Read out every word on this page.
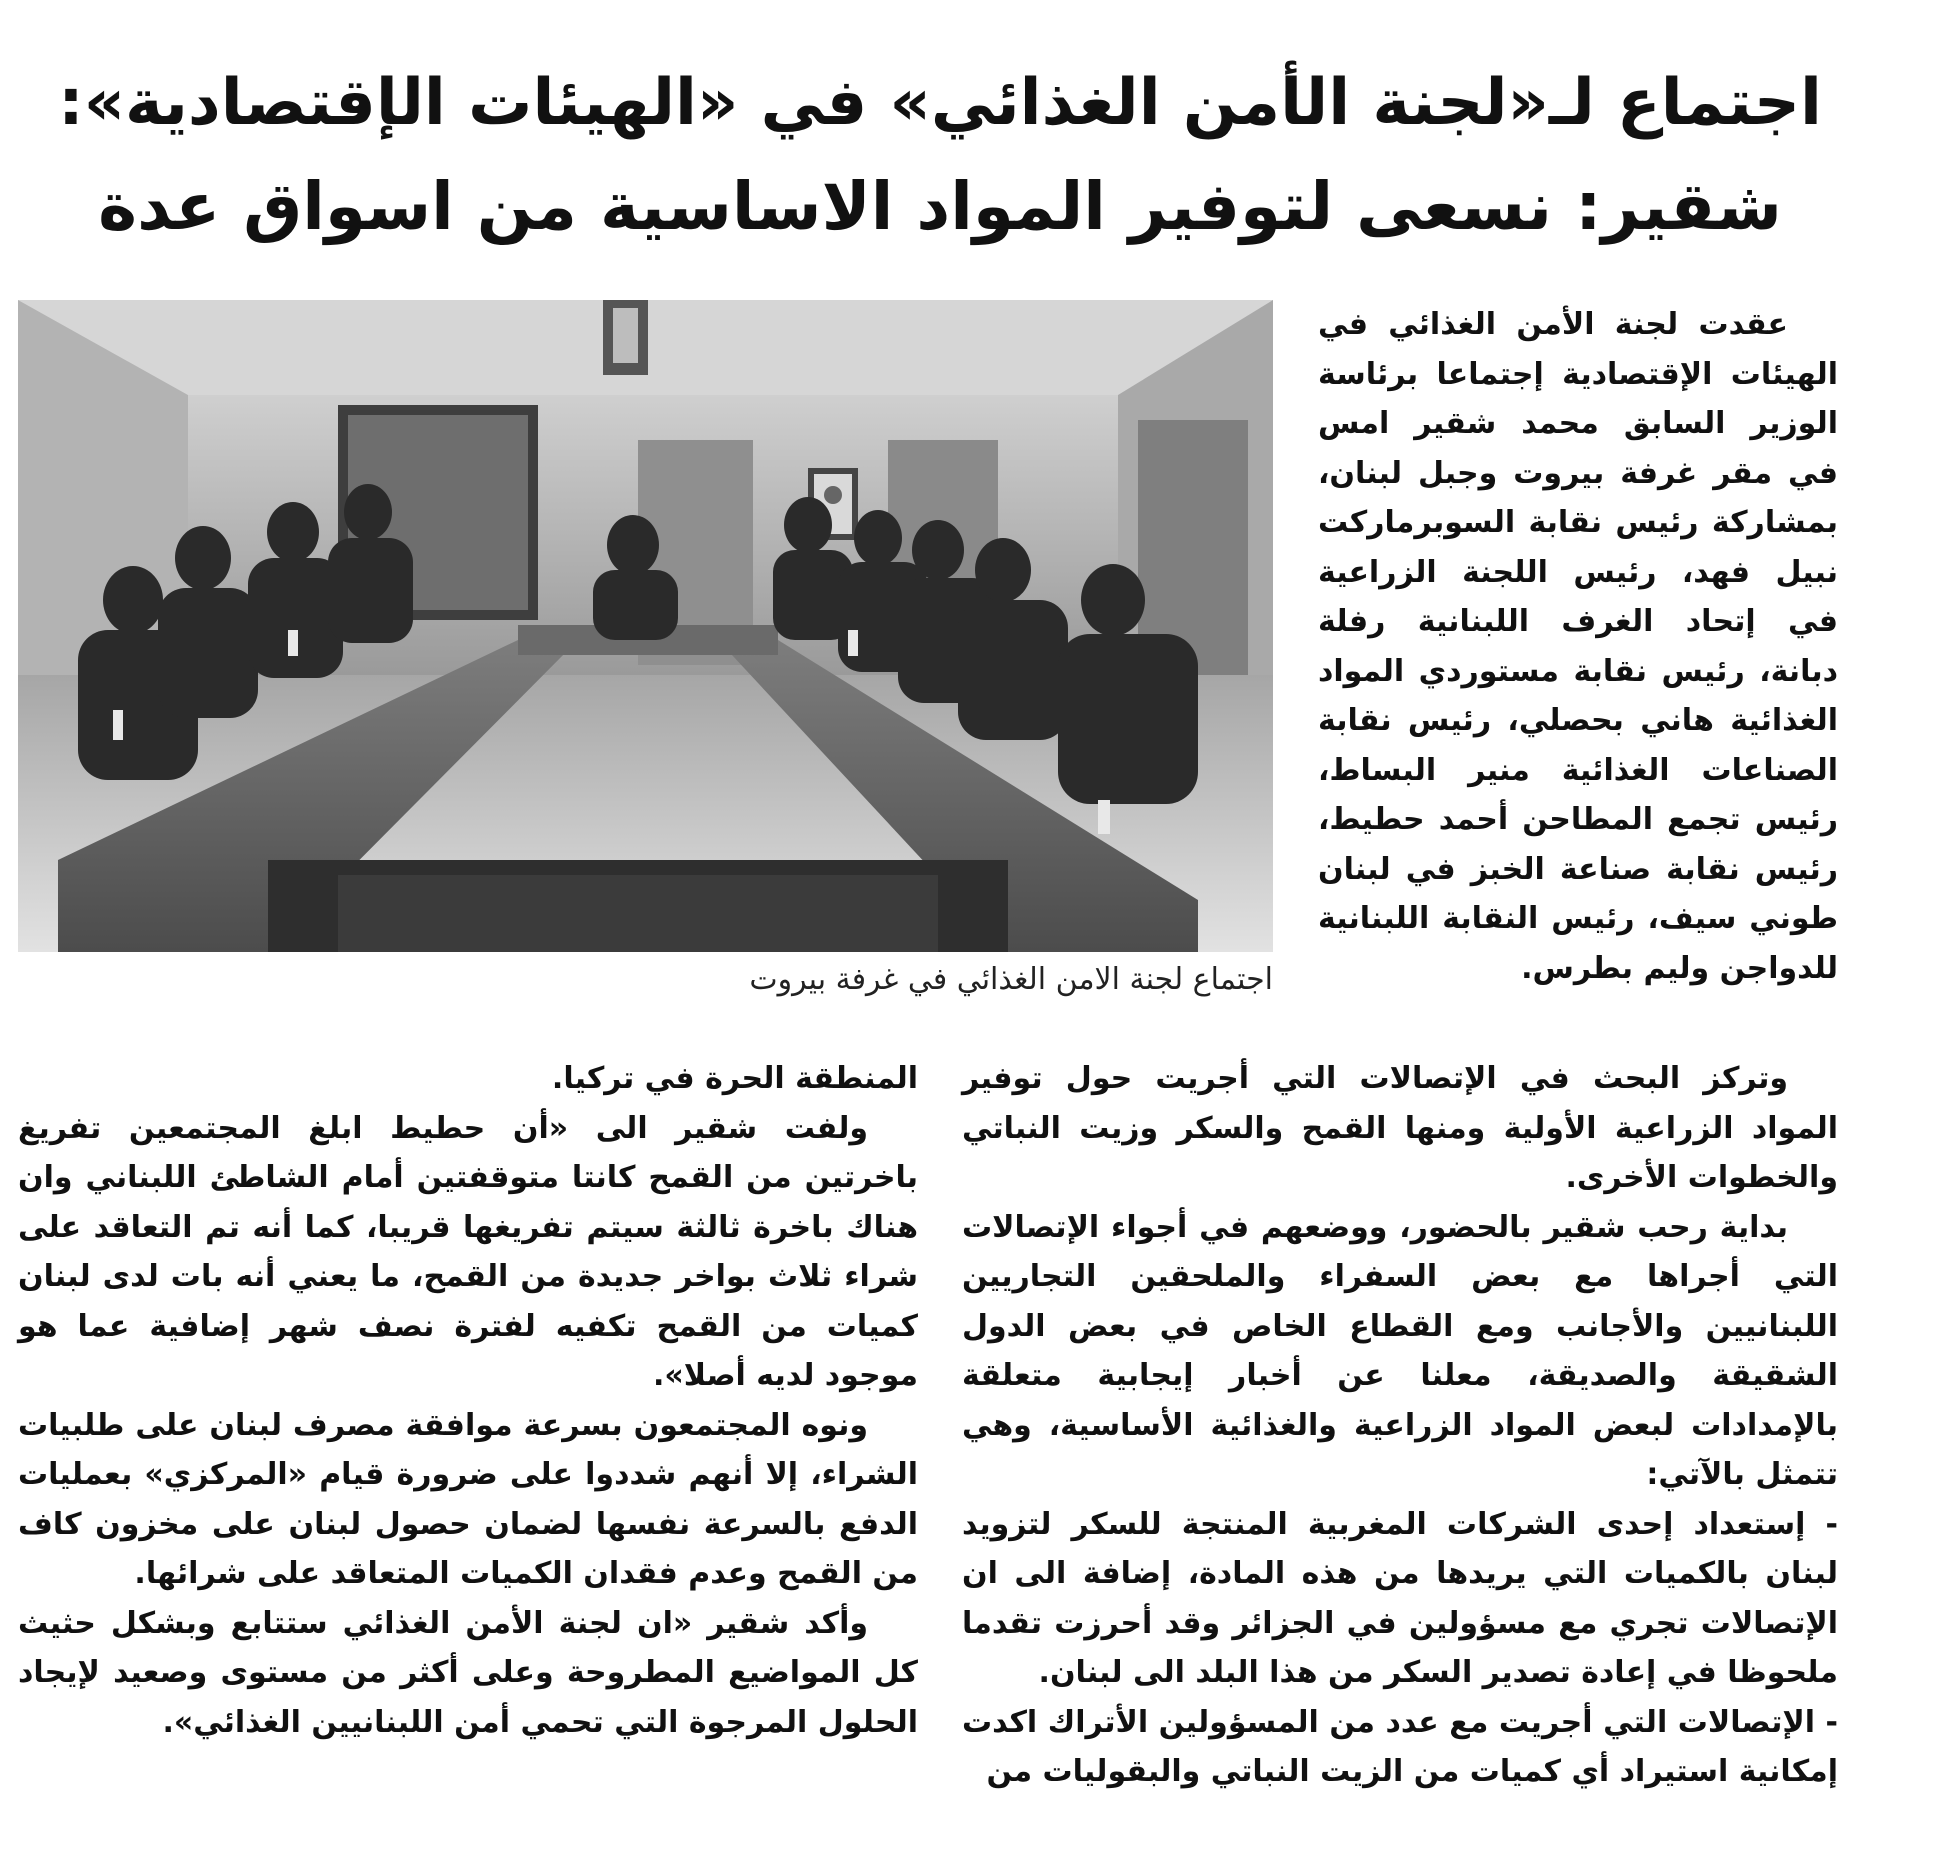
اجتماع لـ«لجنة الأمن الغذائي» في «الهيئات الإقتصادية»:
شقير: نسعى لتوفير المواد الاساسية من اسواق عدة
اجتماع لجنة الامن الغذائي في غرفة بيروت

عقدت لجنة الأمن الغذائي في الهيئات الإقتصادية إجتماعا برئاسة الوزير السابق محمد شقير امس في مقر غرفة بيروت وجبل لبنان، بمشاركة رئيس نقابة السوبرماركت نبيل فهد، رئيس اللجنة الزراعية في إتحاد الغرف اللبنانية رفلة دبانة، رئيس نقابة مستوردي المواد الغذائية هاني بحصلي، رئيس نقابة الصناعات الغذائية منير البساط، رئيس تجمع المطاحن أحمد حطيط، رئيس نقابة صناعة الخبز في لبنان طوني سيف، رئيس النقابة اللبنانية للدواجن وليم بطرس.

وتركز البحث في الإتصالات التي أجريت حول توفير المواد الزراعية الأولية ومنها القمح والسكر وزيت النباتي والخطوات الأخرى.

بداية رحب شقير بالحضور، ووضعهم في أجواء الإتصالات التي أجراها مع بعض السفراء والملحقين التجاريين اللبنانيين والأجانب ومع القطاع الخاص في بعض الدول الشقيقة والصديقة، معلنا عن أخبار إيجابية متعلقة بالإمدادات لبعض المواد الزراعية والغذائية الأساسية، وهي تتمثل بالآتي:

- إستعداد إحدى الشركات المغربية المنتجة للسكر لتزويد لبنان بالكميات التي يريدها من هذه المادة، إضافة الى ان الإتصالات تجري مع مسؤولين في الجزائر وقد أحرزت تقدما ملحوظا في إعادة تصدير السكر من هذا البلد الى لبنان.

- الإتصالات التي أجريت مع عدد من المسؤولين الأتراك اكدت إمكانية استيراد أي كميات من الزيت النباتي والبقوليات من

المنطقة الحرة في تركيا.

ولفت شقير الى «أن حطيط ابلغ المجتمعين تفريغ باخرتين من القمح كانتا متوقفتين أمام الشاطئ اللبناني وان هناك باخرة ثالثة سيتم تفريغها قريبا، كما أنه تم التعاقد على شراء ثلاث بواخر جديدة من القمح، ما يعني أنه بات لدى لبنان كميات من القمح تكفيه لفترة نصف شهر إضافية عما هو موجود لديه أصلا».

ونوه المجتمعون بسرعة موافقة مصرف لبنان على طلبيات الشراء، إلا أنهم شددوا على ضرورة قيام «المركزي» بعمليات الدفع بالسرعة نفسها لضمان حصول لبنان على مخزون كاف من القمح وعدم فقدان الكميات المتعاقد على شرائها.

وأكد شقير «ان لجنة الأمن الغذائي ستتابع وبشكل حثيث كل المواضيع المطروحة وعلى أكثر من مستوى وصعيد لإيجاد الحلول المرجوة التي تحمي أمن اللبنانيين الغذائي».
